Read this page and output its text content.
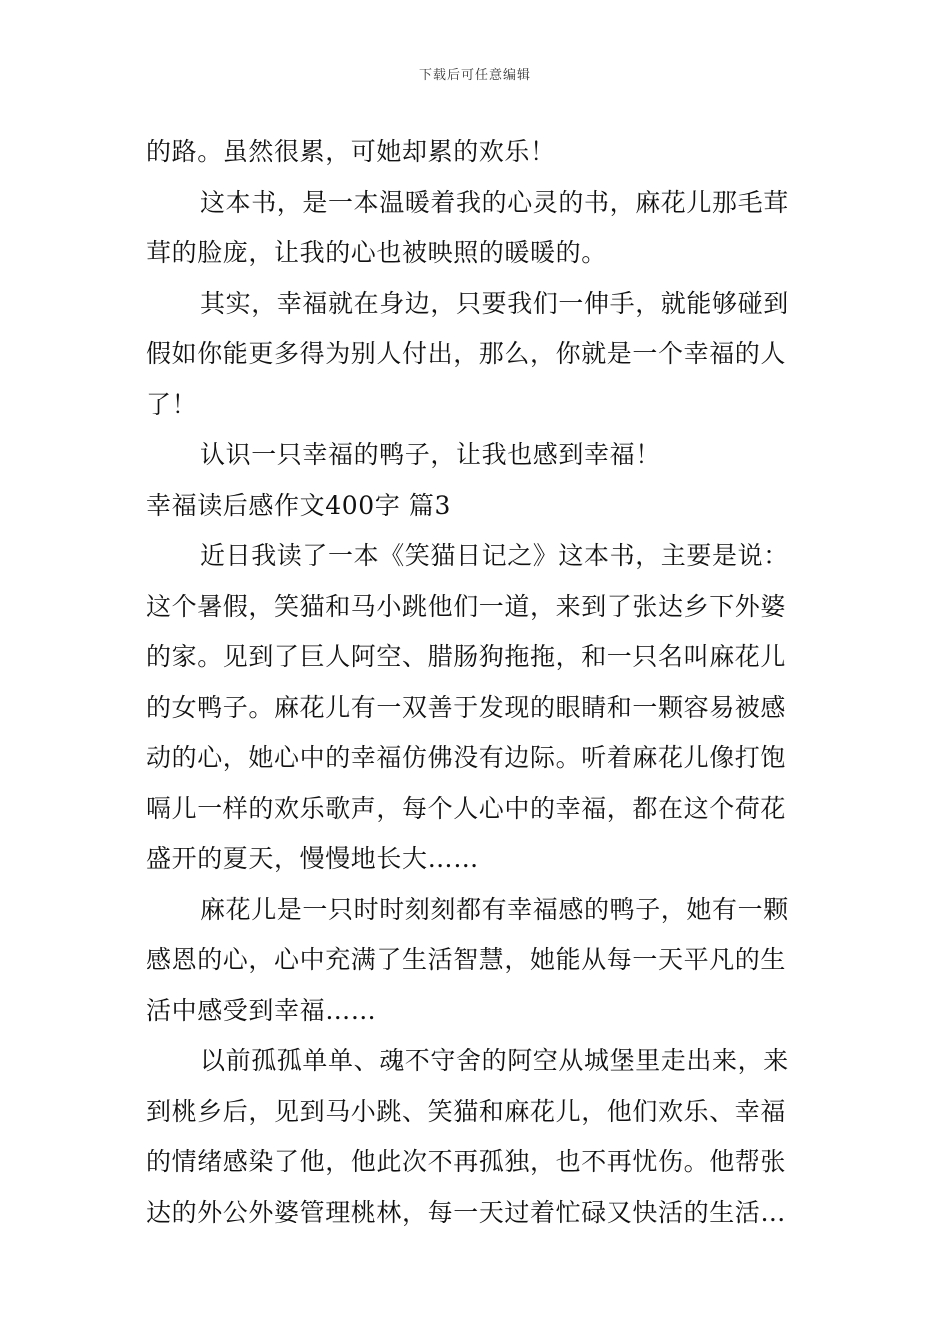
下载后可任意编辑
的路。虽然很累，可她却累的欢乐！
这本书，是一本温暖着我的心灵的书，麻花儿那毛茸
茸的脸庞，让我的心也被映照的暖暖的。
其实，幸福就在身边，只要我们一伸手，就能够碰到
假如你能更多得为别人付出，那么，你就是一个幸福的人
了！
认识一只幸福的鸭子，让我也感到幸福！
幸福读后感作文400字 篇3
近日我读了一本《笑猫日记之》这本书，主要是说：
这个暑假，笑猫和马小跳他们一道，来到了张达乡下外婆
的家。见到了巨人阿空、腊肠狗拖拖，和一只名叫麻花儿
的女鸭子。麻花儿有一双善于发现的眼睛和一颗容易被感
动的心，她心中的幸福仿佛没有边际。听着麻花儿像打饱
嗝儿一样的欢乐歌声，每个人心中的幸福，都在这个荷花
盛开的夏天，慢慢地长大……
麻花儿是一只时时刻刻都有幸福感的鸭子，她有一颗
感恩的心，心中充满了生活智慧，她能从每一天平凡的生
活中感受到幸福……
以前孤孤单单、魂不守舍的阿空从城堡里走出来，来
到桃乡后，见到马小跳、笑猫和麻花儿，他们欢乐、幸福
的情绪感染了他，他此次不再孤独，也不再忧伤。他帮张
达的外公外婆管理桃林，每一天过着忙碌又快活的生活…
